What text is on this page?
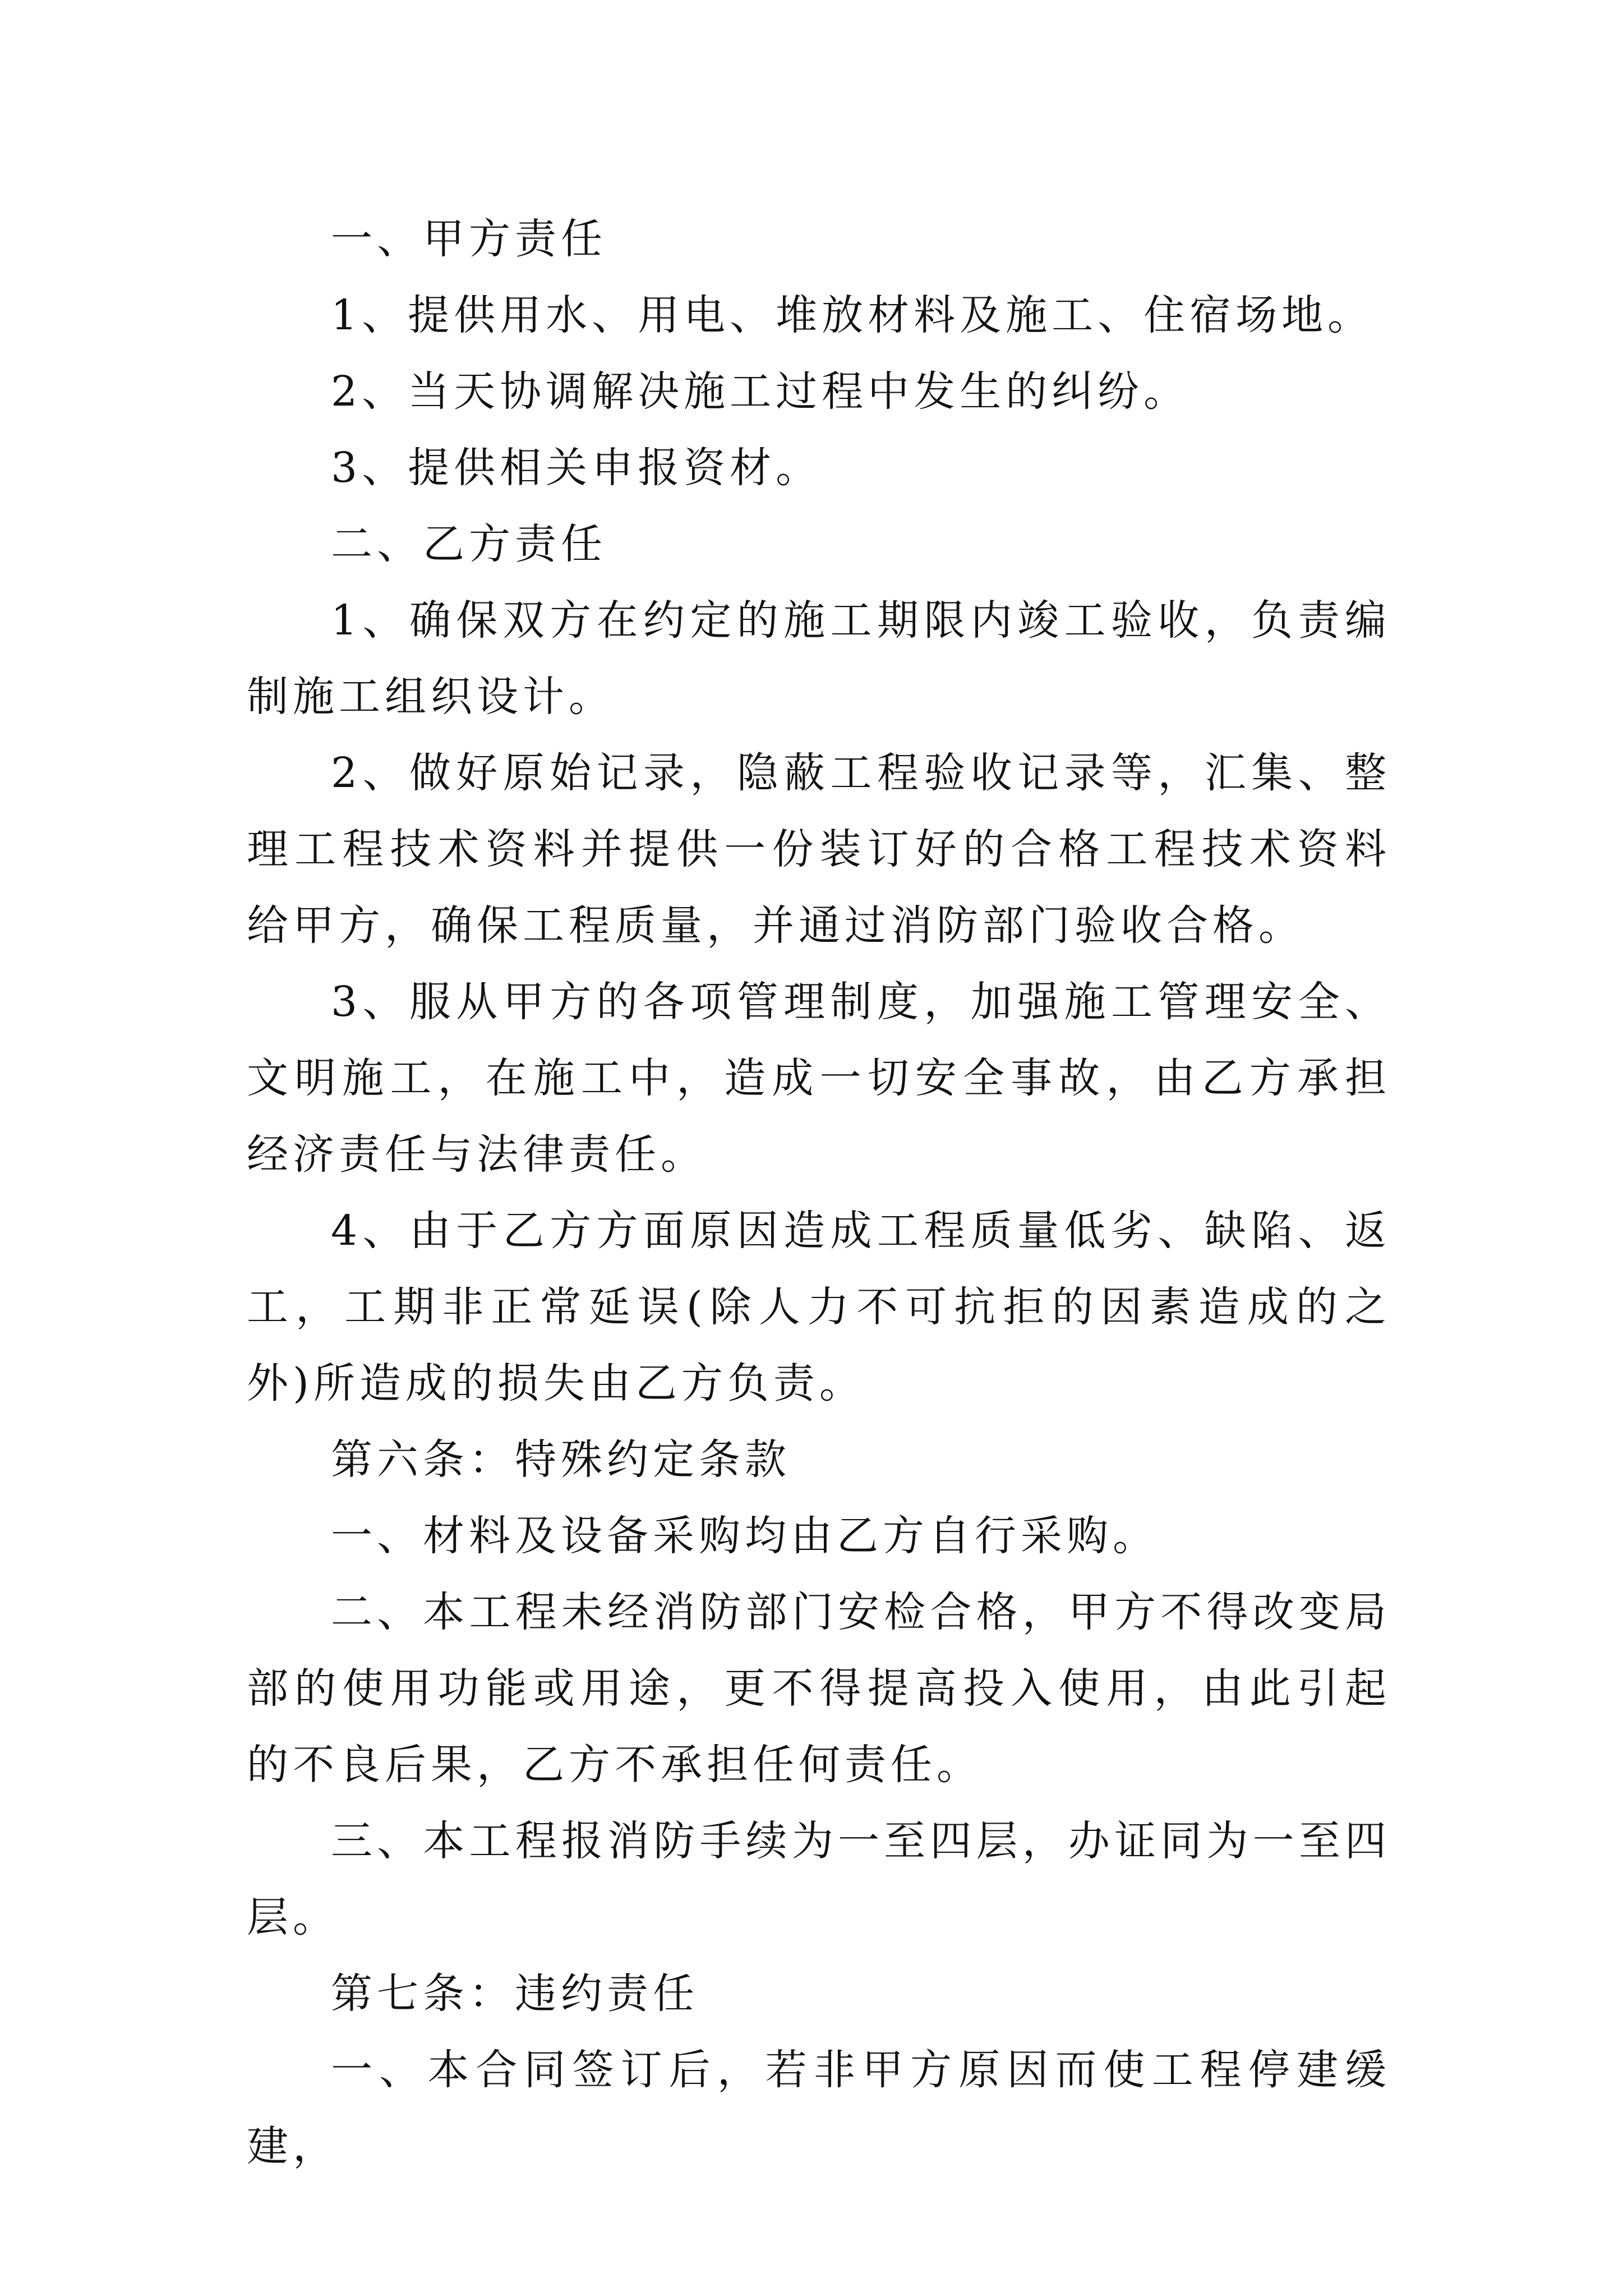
一、甲方责任

1、提供用水、用电、堆放材料及施工、住宿场地。

2、当天协调解决施工过程中发生的纠纷。

3、提供相关申报资材。

二、乙方责任

1、确保双方在约定的施工期限内竣工验收，负责编制施工组织设计。

2、做好原始记录，隐蔽工程验收记录等，汇集、整理工程技术资料并提供一份装订好的合格工程技术资料给甲方，确保工程质量，并通过消防部门验收合格。

3、服从甲方的各项管理制度，加强施工管理安全、文明施工，在施工中，造成一切安全事故，由乙方承担经济责任与法律责任。

4、由于乙方方面原因造成工程质量低劣、缺陷、返工，工期非正常延误(除人力不可抗拒的因素造成的之外)所造成的损失由乙方负责。

第六条：特殊约定条款

一、材料及设备采购均由乙方自行采购。

二、本工程未经消防部门安检合格，甲方不得改变局部的使用功能或用途，更不得提高投入使用，由此引起的不良后果，乙方不承担任何责任。

三、本工程报消防手续为一至四层，办证同为一至四层。

第七条：违约责任

一、本合同签订后，若非甲方原因而使工程停建缓建，
